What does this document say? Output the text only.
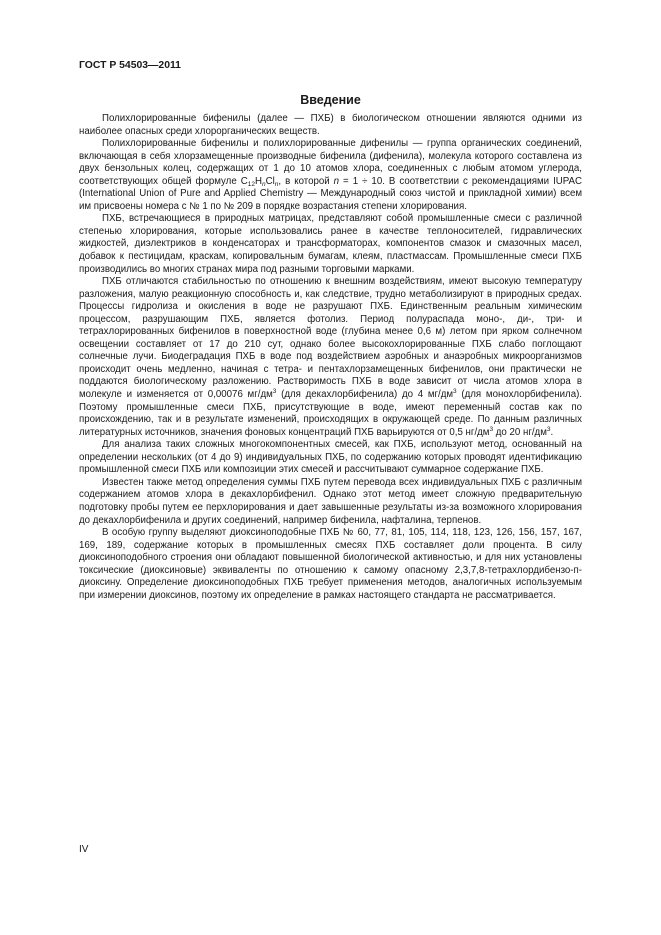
ГОСТ Р 54503—2011
Введение

Полихлорированные бифенилы (далее — ПХБ) в биологическом отношении являются одними из наиболее опасных среди хлорорганических веществ.

Полихлорированные бифенилы и полихлорированные дифенилы — группа органических соединений, включающая в себя хлорзамещенные производные бифенила (дифенила), молекула которого составлена из двух бензольных колец, содержащих от 1 до 10 атомов хлора, соединенных с любым атомом углерода, соответствующих общей формуле $C_{12}H_nCl_n$, в которой n = 1 ÷ 10. В соответствии с рекомендациями IUPAC (International Union of Pure and Applied Chemistry — Международный союз чистой и прикладной химии) всем им присвоены номера с № 1 по № 209 в порядке возрастания степени хлорирования.

ПХБ, встречающиеся в природных матрицах, представляют собой промышленные смеси с различной степенью хлорирования, которые использовались ранее в качестве теплоносителей, гидравлических жидкостей, диэлектриков в конденсаторах и трансформаторах, компонентов смазок и смазочных масел, добавок к пестицидам, краскам, копировальным бумагам, клеям, пластмассам. Промышленные смеси ПХБ производились во многих странах мира под разными торговыми марками.

ПХБ отличаются стабильностью по отношению к внешним воздействиям, имеют высокую температуру разложения, малую реакционную способность и, как следствие, трудно метаболизируют в природных средах. Процессы гидролиза и окисления в воде не разрушают ПХБ. Единственным реальным химическим процессом, разрушающим ПХБ, является фотолиз. Период полураспада моно-, ди-, три- и тетрахлорированных бифенилов в поверхностной воде (глубина менее 0,6 м) летом при ярком солнечном освещении составляет от 17 до 210 сут, однако более высокохлорированные ПХБ слабо поглощают солнечные лучи. Биодеградация ПХБ в воде под воздействием аэробных и анаэробных микроорганизмов происходит очень медленно, начиная с тетра- и пентахлорзамещенных бифенилов, они практически не поддаются биологическому разложению. Растворимость ПХБ в воде зависит от числа атомов хлора в молекуле и изменяется от 0,00076 $мг/дм^3$ (для декахлорбифенила) до 4 $мг/дм^3$ (для монохлорбифенила). Поэтому промышленные смеси ПХБ, присутствующие в воде, имеют переменный состав как по происхождению, так и в результате изменений, происходящих в окружающей среде. По данным различных литературных источников, значения фоновых концентраций ПХБ варьируются от 0,5 $нг/дм^3$ до 20 $нг/дм^3$.

Для анализа таких сложных многокомпонентных смесей, как ПХБ, используют метод, основанный на определении нескольких (от 4 до 9) индивидуальных ПХБ, по содержанию которых проводят идентификацию промышленной смеси ПХБ или композиции этих смесей и рассчитывают суммарное содержание ПХБ.

Известен также метод определения суммы ПХБ путем перевода всех индивидуальных ПХБ с различным содержанием атомов хлора в декахлорбифенил. Однако этот метод имеет сложную предварительную подготовку пробы путем ее перхлорирования и дает завышенные результаты из-за возможного хлорирования до декахлорбифенила и других соединений, например бифенила, нафталина, терпенов.

В особую группу выделяют диоксиноподобные ПХБ № 60, 77, 81, 105, 114, 118, 123, 126, 156, 157, 167, 169, 189, содержание которых в промышленных смесях ПХБ составляет доли процента. В силу диоксиноподобного строения они обладают повышенной биологической активностью, и для них установлены токсические (диоксиновые) эквиваленты по отношению к самому опасному 2,3,7,8-тетрахлордибензо-п-диоксину. Определение диоксиноподобных ПХБ требует применения методов, аналогичных используемым при измерении диоксинов, поэтому их определение в рамках настоящего стандарта не рассматривается.

IV
